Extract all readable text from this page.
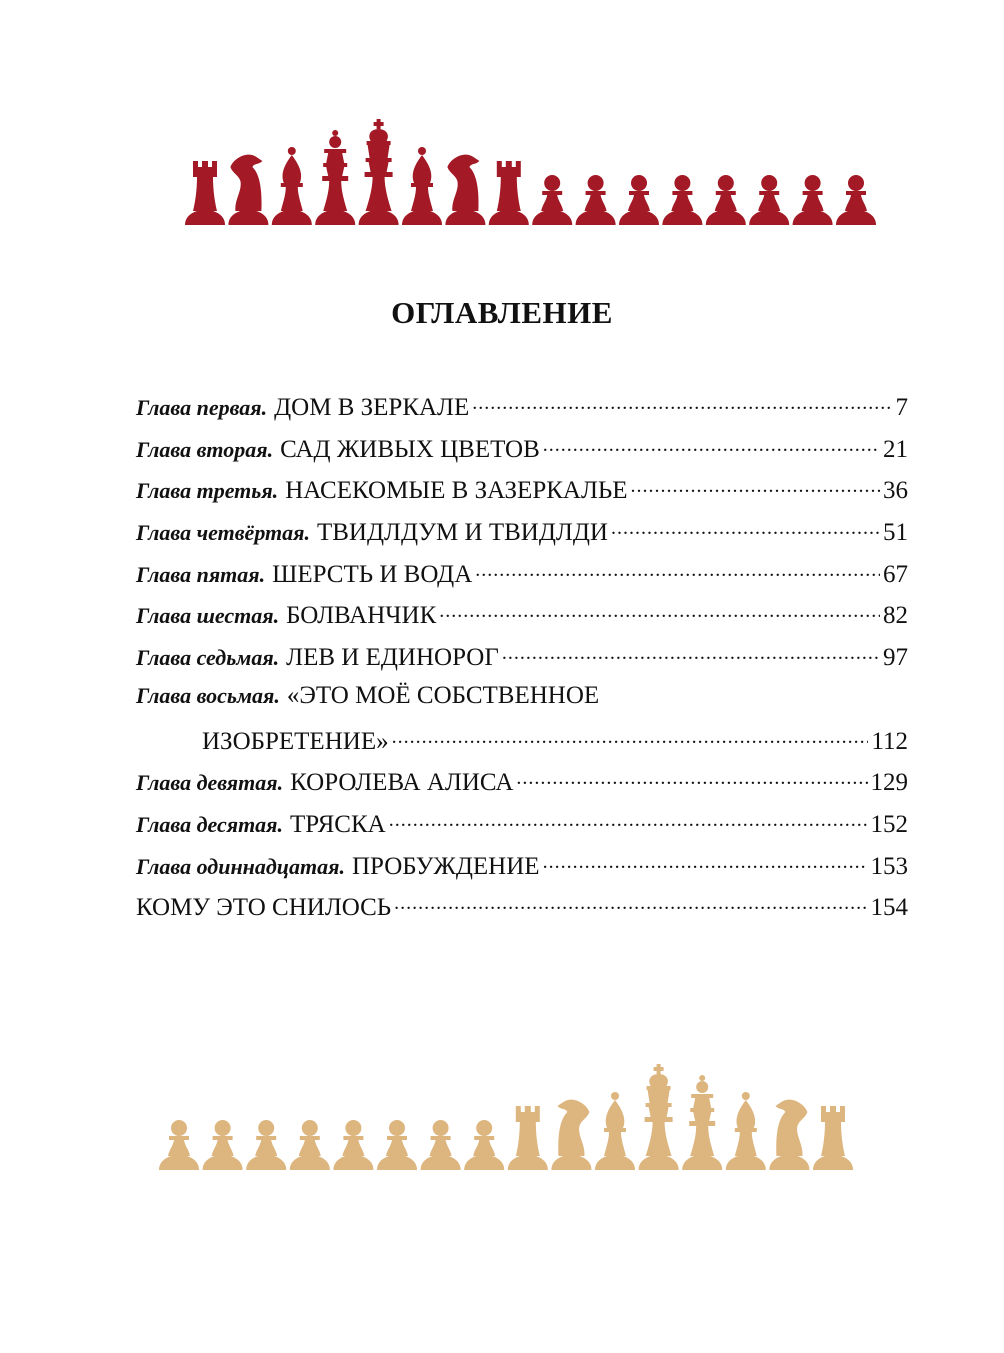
ОГЛАВЛЕНИЕ
Глава первая. ДОМ В ЗЕРКАЛЕ .....	7
Глава вторая. САД ЖИВЫХ ЦВЕТОВ .....	21
Глава третья. НАСЕКОМЫЕ В ЗАЗЕРКАЛЬЕ .....	36
Глава четвёртая. ТВИДЛДУМ И ТВИДЛДИ .....	51
Глава пятая. ШЕРСТЬ И ВОДА .....	67
Глава шестая. БОЛВАНЧИК .....	82
Глава седьмая. ЛЕВ И ЕДИНОРОГ .....	97
Глава восьмая. «ЭТО МОЁ СОБСТВЕННОЕ
ИЗОБРЕТЕНИЕ» .....	112
Глава девятая. КОРОЛЕВА АЛИСА .....	129
Глава десятая. ТРЯСКА .....	152
Глава одиннадцатая. ПРОБУЖДЕНИЕ .....	153
КОМУ ЭТО СНИЛОСЬ .....	154
